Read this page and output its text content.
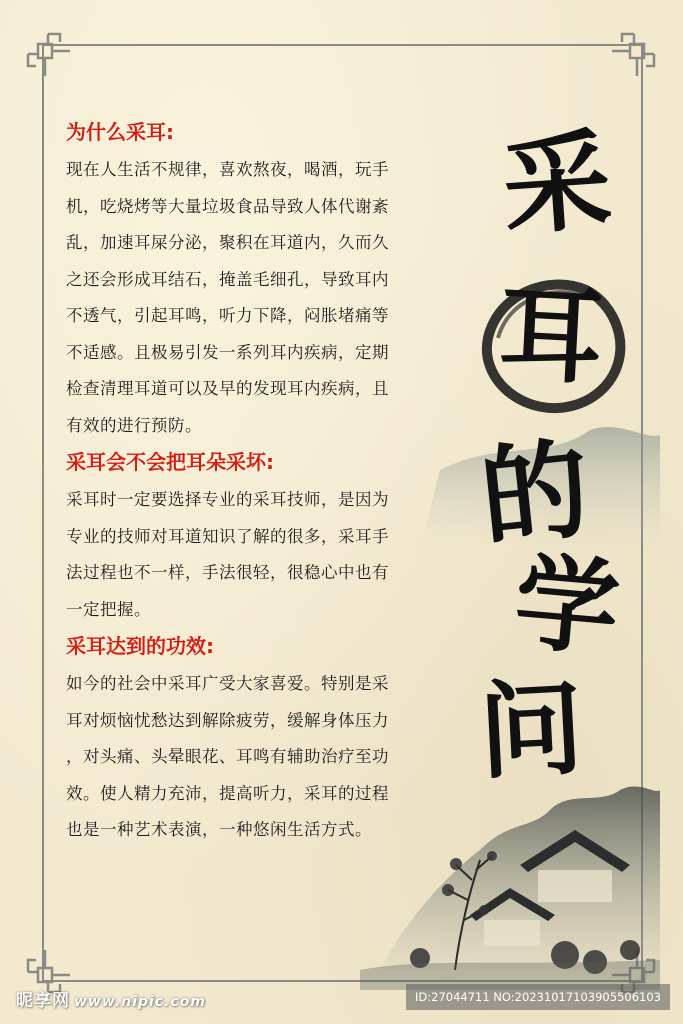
采
耳
的
学
问
为什么采耳:

现在人生活不规律，喜欢熬夜，喝酒，玩手
机，吃烧烤等大量垃圾食品导致人体代谢紊
乱，加速耳屎分泌，聚积在耳道内，久而久
之还会形成耳结石，掩盖毛细孔，导致耳内
不透气，引起耳鸣，听力下降，闷胀堵痛等
不适感。且极易引发一系列耳内疾病，定期
检查清理耳道可以及早的发现耳内疾病，且
有效的进行预防。

采耳会不会把耳朵采坏:

采耳时一定要选择专业的采耳技师，是因为
专业的技师对耳道知识了解的很多，采耳手
法过程也不一样，手法很轻，很稳心中也有
一定把握。

采耳达到的功效:

如今的社会中采耳广受大家喜爱。特别是采
耳对烦恼忧愁达到解除疲劳，缓解身体压力
，对头痛、头晕眼花、耳鸣有辅助治疗至功
效。使人精力充沛，提高听力，采耳的过程
也是一种艺术表演，一种悠闲生活方式。

昵享网 www.nipic.com	ID:27044711 NO:20231017103905506103
